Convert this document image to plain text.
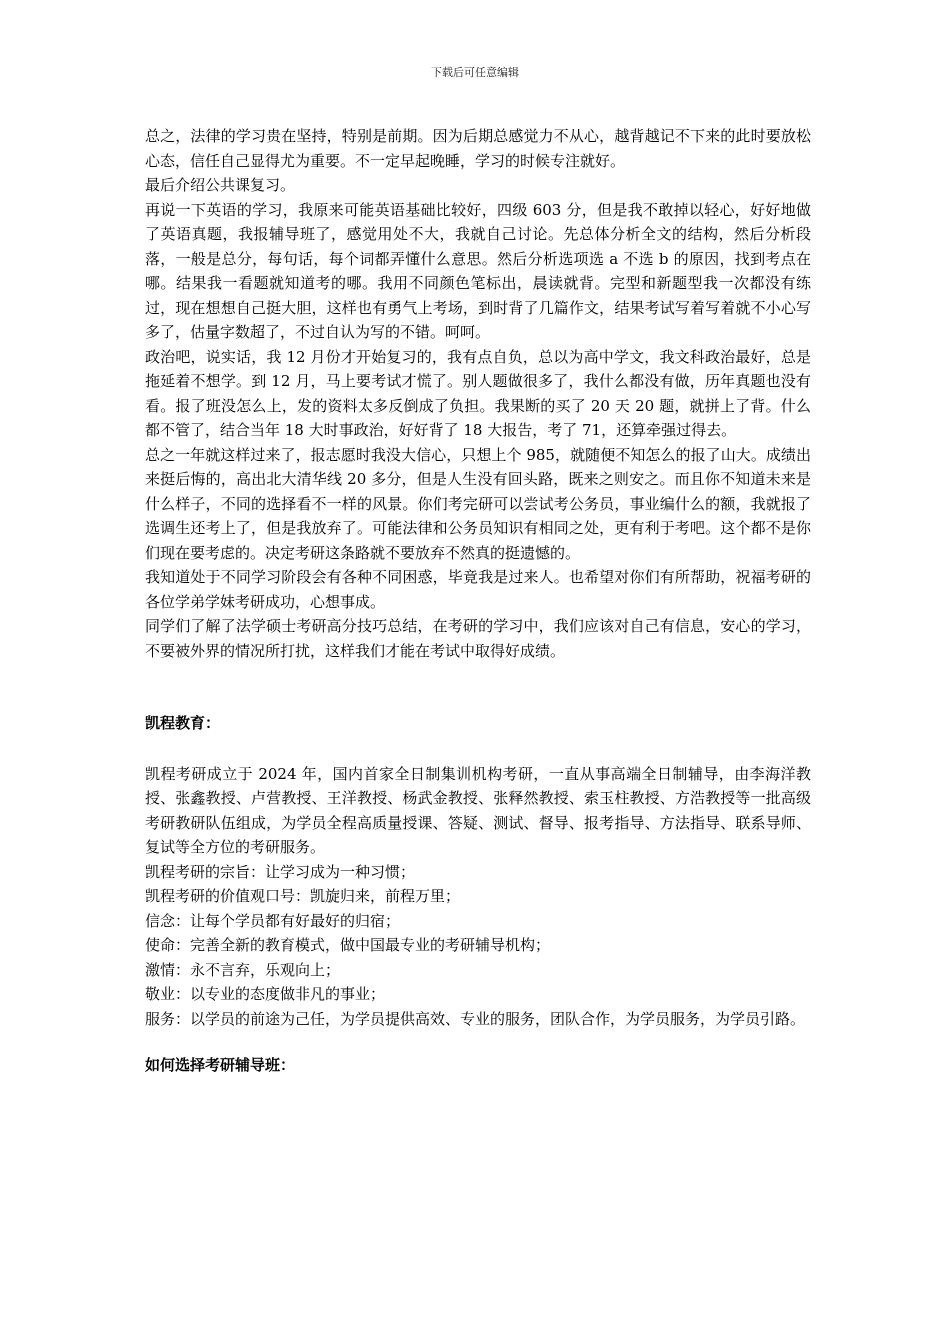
下载后可任意编辑

总之，法律的学习贵在坚持，特别是前期。因为后期总感觉力不从心，越背越记不下来的此时要放松心态，信任自己显得尤为重要。不一定早起晚睡，学习的时候专注就好。

最后介绍公共课复习。

再说一下英语的学习，我原来可能英语基础比较好，四级 603 分，但是我不敢掉以轻心，好好地做了英语真题，我报辅导班了，感觉用处不大，我就自己讨论。先总体分析全文的结构，然后分析段落，一般是总分，每句话，每个词都弄懂什么意思。然后分析选项选 a 不选 b 的原因，找到考点在哪。结果我一看题就知道考的哪。我用不同颜色笔标出，晨读就背。完型和新题型我一次都没有练过，现在想想自己挺大胆，这样也有勇气上考场，到时背了几篇作文，结果考试写着写着就不小心写多了，估量字数超了，不过自认为写的不错。呵呵。

政治吧，说实话，我 12 月份才开始复习的，我有点自负，总以为高中学文，我文科政治最好，总是拖延着不想学。到 12 月，马上要考试才慌了。别人题做很多了，我什么都没有做，历年真题也没有看。报了班没怎么上，发的资料太多反倒成了负担。我果断的买了 20 天 20 题，就拼上了背。什么都不管了，结合当年 18 大时事政治，好好背了 18 大报告，考了 71，还算牵强过得去。

总之一年就这样过来了，报志愿时我没大信心，只想上个 985，就随便不知怎么的报了山大。成绩出来挺后悔的，高出北大清华线 20 多分，但是人生没有回头路，既来之则安之。而且你不知道未来是什么样子，不同的选择看不一样的风景。你们考完研可以尝试考公务员，事业编什么的额，我就报了选调生还考上了，但是我放弃了。可能法律和公务员知识有相同之处，更有利于考吧。这个都不是你们现在要考虑的。决定考研这条路就不要放弃不然真的挺遗憾的。

我知道处于不同学习阶段会有各种不同困惑，毕竟我是过来人。也希望对你们有所帮助，祝福考研的各位学弟学妹考研成功，心想事成。

同学们了解了法学硕士考研高分技巧总结，在考研的学习中，我们应该对自己有信息，安心的学习，不要被外界的情况所打扰，这样我们才能在考试中取得好成绩。

凯程教育：

凯程考研成立于 2024 年，国内首家全日制集训机构考研，一直从事高端全日制辅导，由李海洋教授、张鑫教授、卢营教授、王洋教授、杨武金教授、张释然教授、索玉柱教授、方浩教授等一批高级考研教研队伍组成，为学员全程高质量授课、答疑、测试、督导、报考指导、方法指导、联系导师、复试等全方位的考研服务。

凯程考研的宗旨：让学习成为一种习惯；

凯程考研的价值观口号：凯旋归来，前程万里；

信念：让每个学员都有好最好的归宿；

使命：完善全新的教育模式，做中国最专业的考研辅导机构；

激情：永不言弃，乐观向上；

敬业：以专业的态度做非凡的事业；

服务：以学员的前途为己任，为学员提供高效、专业的服务，团队合作，为学员服务，为学员引路。

如何选择考研辅导班：
